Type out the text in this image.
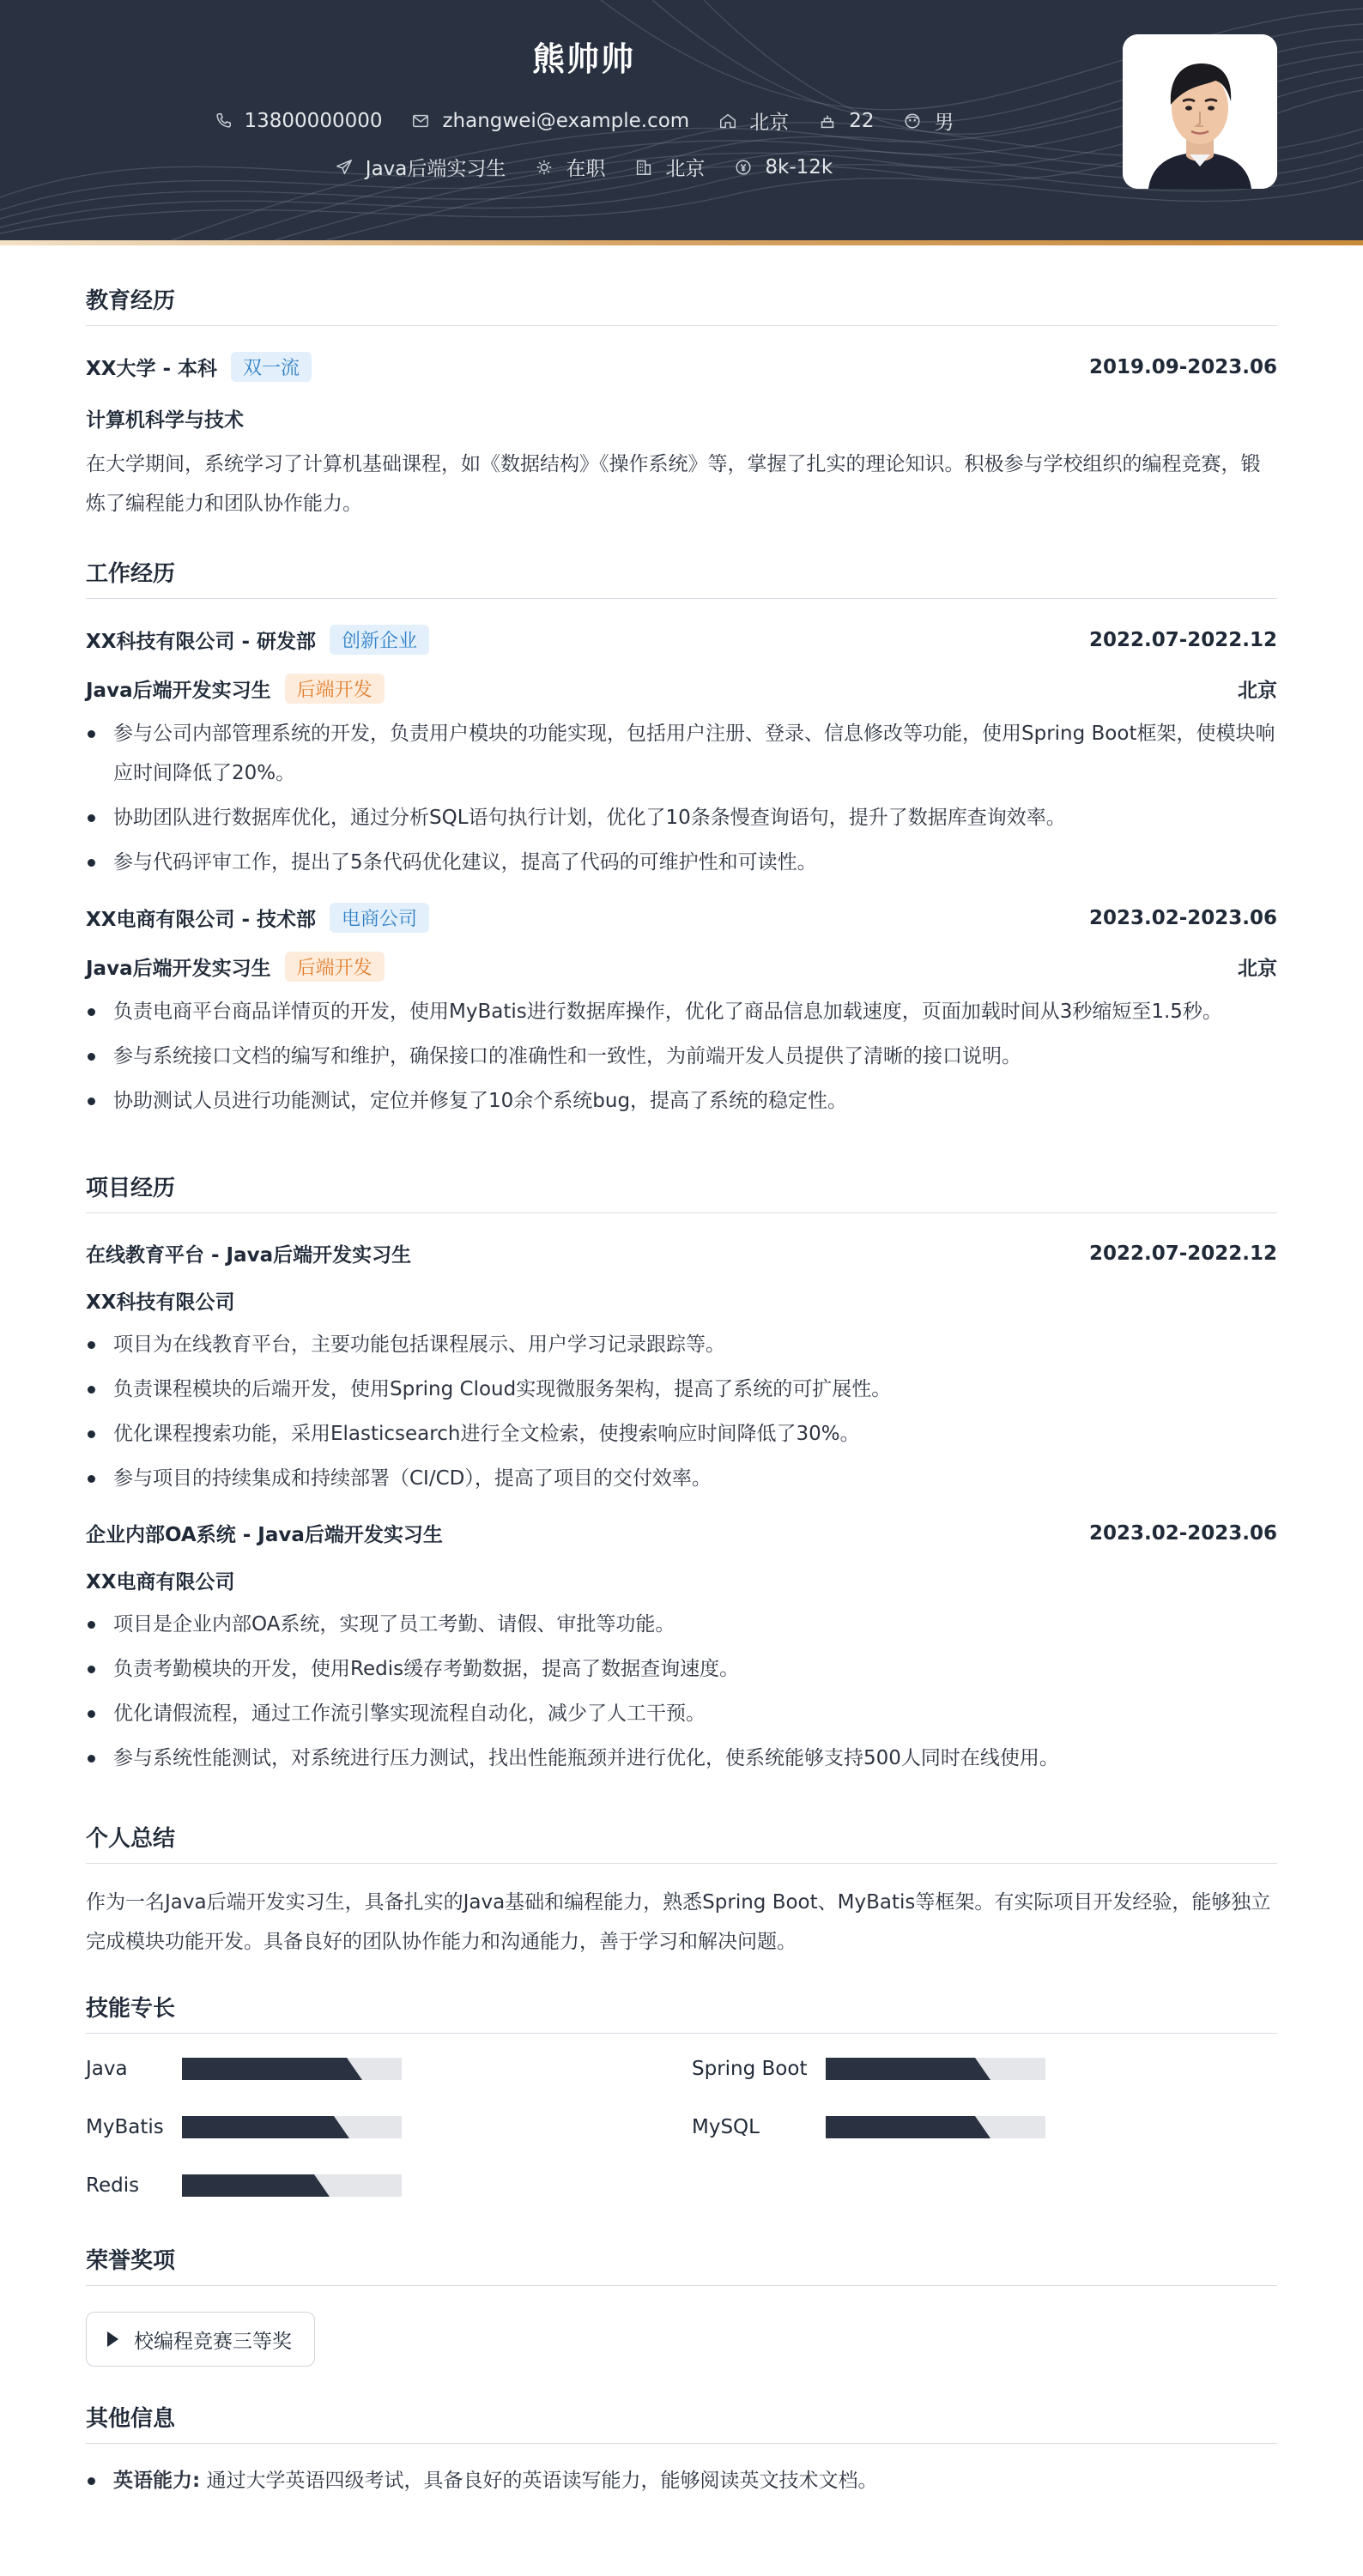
熊帅帅
13800000000	zhangwei@example.com	北京	22	男
Java后端实习生	在职	北京	8k-12k
教育经历
XX大学 - 本科	双一流	2019.09-2023.06
计算机科学与技术
在大学期间，系统学习了计算机基础课程，如《数据结构》《操作系统》等，掌握了扎实的理论知识。积极参与学校组织的编程竞赛，锻炼了编程能力和团队协作能力。
工作经历
XX科技有限公司 - 研发部	创新企业	2022.07-2022.12
Java后端开发实习生	后端开发	北京
参与公司内部管理系统的开发，负责用户模块的功能实现，包括用户注册、登录、信息修改等功能，使用Spring Boot框架，使模块响应时间降低了20%。
协助团队进行数据库优化，通过分析SQL语句执行计划，优化了10条条慢查询语句，提升了数据库查询效率。
参与代码评审工作，提出了5条代码优化建议，提高了代码的可维护性和可读性。
XX电商有限公司 - 技术部	电商公司	2023.02-2023.06
Java后端开发实习生	后端开发	北京
负责电商平台商品详情页的开发，使用MyBatis进行数据库操作，优化了商品信息加载速度，页面加载时间从3秒缩短至1.5秒。
参与系统接口文档的编写和维护，确保接口的准确性和一致性，为前端开发人员提供了清晰的接口说明。
协助测试人员进行功能测试，定位并修复了10余个系统bug，提高了系统的稳定性。
项目经历
在线教育平台 - Java后端开发实习生	2022.07-2022.12
XX科技有限公司
项目为在线教育平台，主要功能包括课程展示、用户学习记录跟踪等。
负责课程模块的后端开发，使用Spring Cloud实现微服务架构，提高了系统的可扩展性。
优化课程搜索功能，采用Elasticsearch进行全文检索，使搜索响应时间降低了30%。
参与项目的持续集成和持续部署（CI/CD），提高了项目的交付效率。
企业内部OA系统 - Java后端开发实习生	2023.02-2023.06
XX电商有限公司
项目是企业内部OA系统，实现了员工考勤、请假、审批等功能。
负责考勤模块的开发，使用Redis缓存考勤数据，提高了数据查询速度。
优化请假流程，通过工作流引擎实现流程自动化，减少了人工干预。
参与系统性能测试，对系统进行压力测试，找出性能瓶颈并进行优化，使系统能够支持500人同时在线使用。
个人总结
作为一名Java后端开发实习生，具备扎实的Java基础和编程能力，熟悉Spring Boot、MyBatis等框架。有实际项目开发经验，能够独立完成模块功能开发。具备良好的团队协作能力和沟通能力，善于学习和解决问题。
技能专长
Java	Spring Boot
MyBatis	MySQL
Redis
荣誉奖项
校编程竞赛三等奖
其他信息
英语能力: 通过大学英语四级考试，具备良好的英语读写能力，能够阅读英文技术文档。
